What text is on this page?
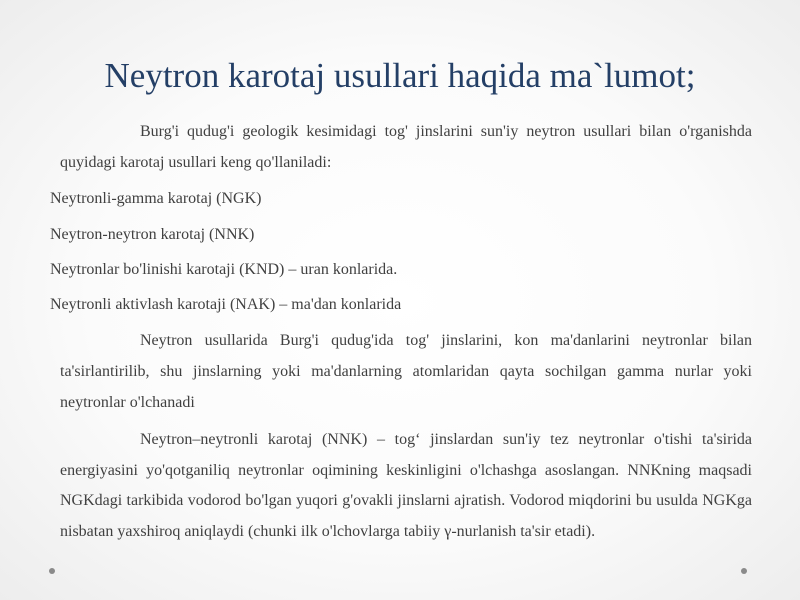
Neytron karotaj usullari haqida ma`lumot;

Burg'i qudug'i geologik kesimidagi tog' jinslarini sun'iy neytron usullari bilan o'rganishda quyidagi karotaj usullari keng qo'llaniladi:

Neytronli-gamma karotaj (NGK)
Neytron-neytron karotaj (NNK)
Neytronlar bo'linishi karotaji (KND) – uran konlarida.
Neytronli aktivlash karotaji (NAK) – ma'dan konlarida

Neytron usullarida Burg'i qudug'ida tog' jinslarini, kon ma'danlarini neytronlar bilan ta'sirlantirilib, shu jinslarning yoki ma'danlarning atomlaridan qayta sochilgan gamma nurlar yoki neytronlar o'lchanadi

Neytron–neytronli karotaj (NNK) – tog‘ jinslardan sun'iy tez neytronlar o'tishi ta'sirida energiyasini yo'qotganiliq neytronlar oqimining keskinligini o'lchashga asoslangan. NNKning maqsadi NGKdagi tarkibida vodorod bo'lgan yuqori g'ovakli jinslarni ajratish. Vodorod miqdorini bu usulda NGKga nisbatan yaxshiroq aniqlaydi (chunki ilk o'lchovlarga tabiiy γ-nurlanish ta'sir etadi).
